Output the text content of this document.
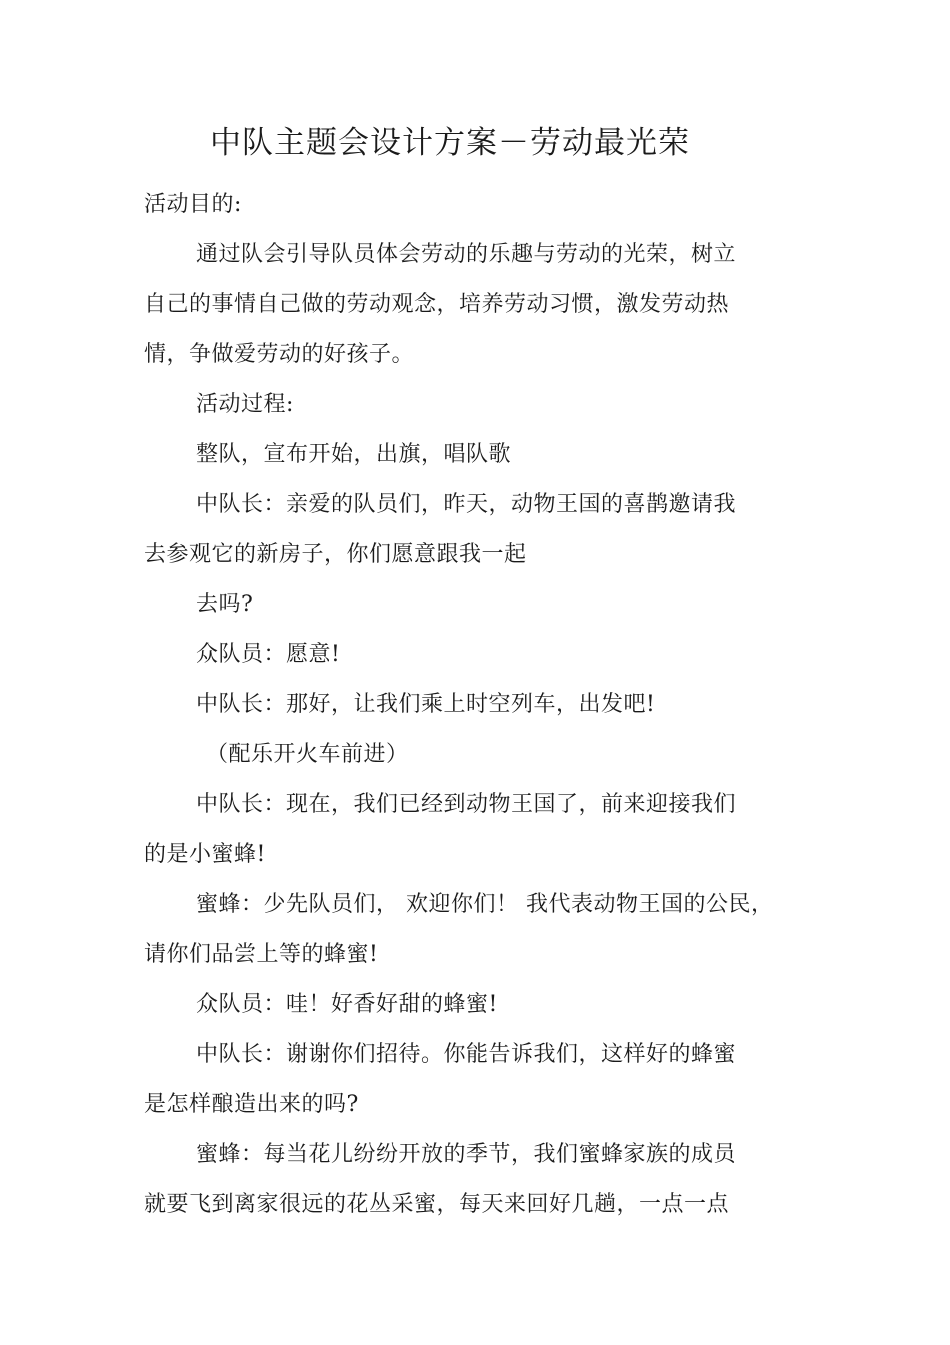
中队主题会设计方案－劳动最光荣
活动目的:
通过队会引导队员体会劳动的乐趣与劳动的光荣，树立
自己的事情自己做的劳动观念，培养劳动习惯，激发劳动热
情，争做爱劳动的好孩子。
活动过程:
整队，宣布开始，出旗，唱队歌
中队长：亲爱的队员们，昨天，动物王国的喜鹊邀请我
去参观它的新房子，你们愿意跟我一起
去吗?
众队员：愿意!
中队长：那好，让我们乘上时空列车，出发吧!
（配乐开火车前进）
中队长：现在，我们已经到动物王国了，前来迎接我们
的是小蜜蜂!
蜜蜂：少先队员们， 欢迎你们！ 我代表动物王国的公民，
请你们品尝上等的蜂蜜!
众队员：哇！好香好甜的蜂蜜!
中队长：谢谢你们招待。你能告诉我们，这样好的蜂蜜
是怎样酿造出来的吗?
蜜蜂：每当花儿纷纷开放的季节，我们蜜蜂家族的成员
就要飞到离家很远的花丛采蜜，每天来回好几趟，一点一点
